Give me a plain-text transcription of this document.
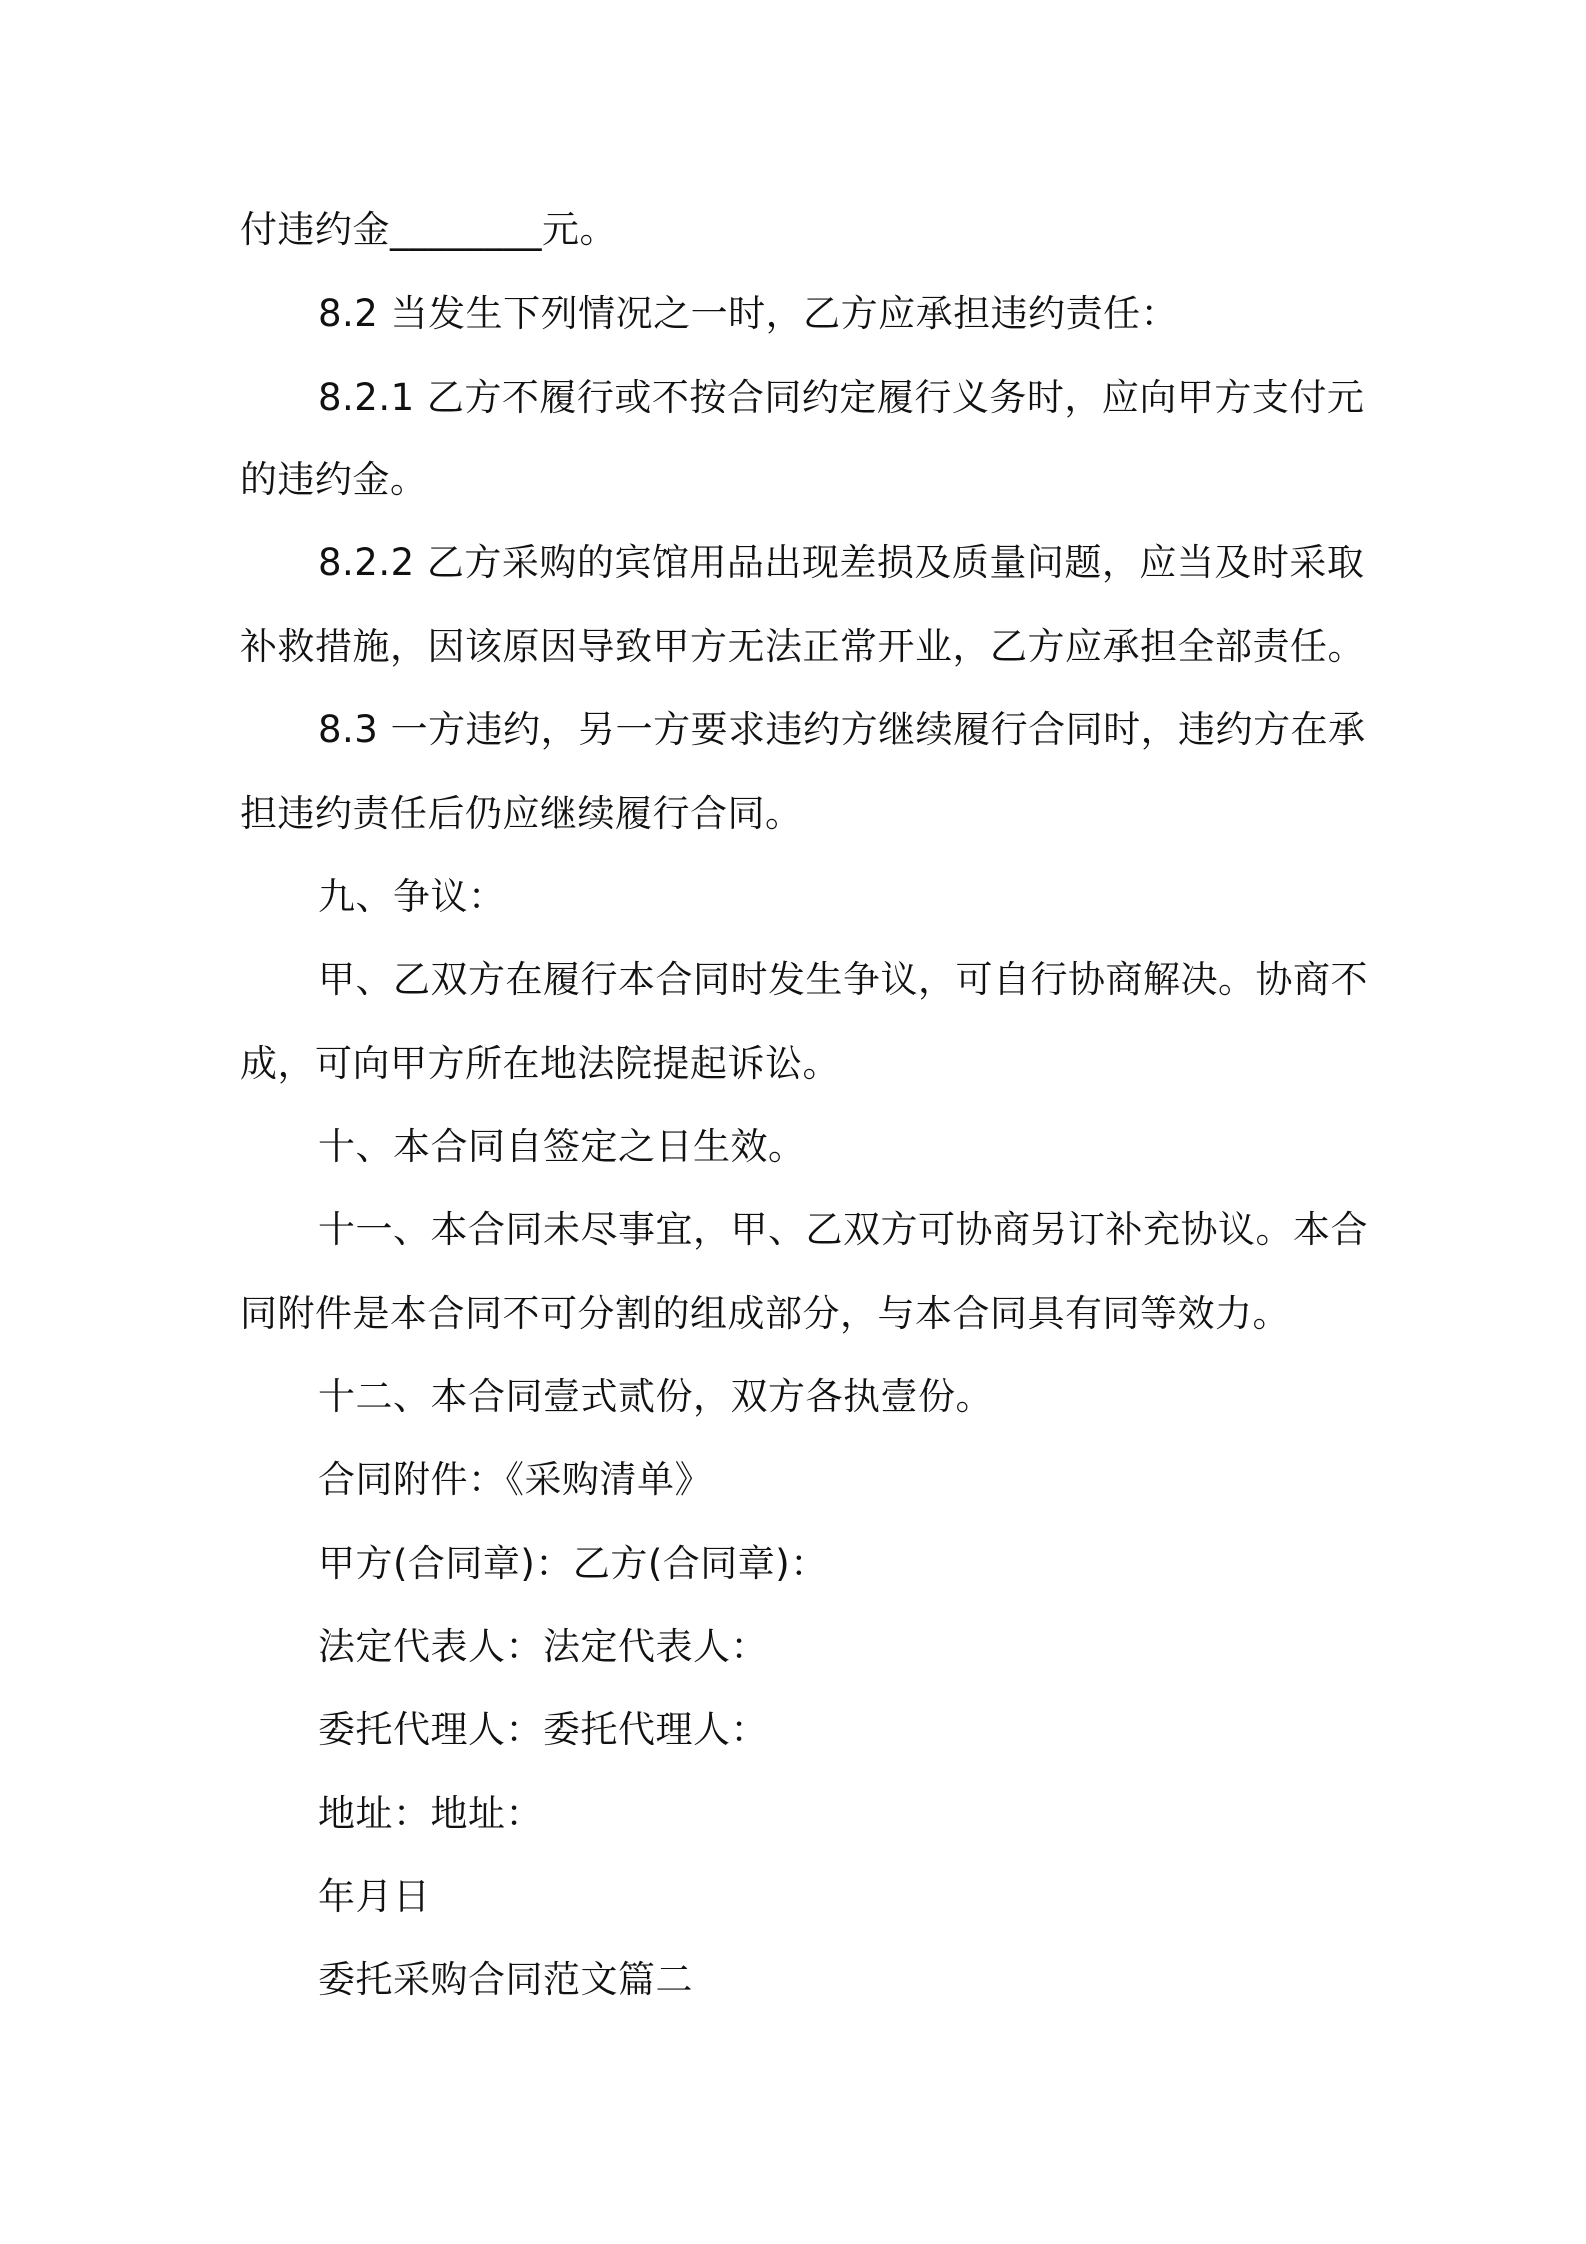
付违约金________元。
8.2 当发生下列情况之一时，乙方应承担违约责任：
8.2.1 乙方不履行或不按合同约定履行义务时，应向甲方支付元
的违约金。
8.2.2 乙方采购的宾馆用品出现差损及质量问题，应当及时采取
补救措施，因该原因导致甲方无法正常开业，乙方应承担全部责任。
8.3 一方违约，另一方要求违约方继续履行合同时，违约方在承
担违约责任后仍应继续履行合同。
九、争议：
甲、乙双方在履行本合同时发生争议，可自行协商解决。协商不
成，可向甲方所在地法院提起诉讼。
十、本合同自签定之日生效。
十一、本合同未尽事宜，甲、乙双方可协商另订补充协议。本合
同附件是本合同不可分割的组成部分，与本合同具有同等效力。
十二、本合同壹式贰份，双方各执壹份。
合同附件：《采购清单》
甲方(合同章)：乙方(合同章)：
法定代表人：法定代表人：
委托代理人：委托代理人：
地址：地址：
年月日
委托采购合同范文篇二
